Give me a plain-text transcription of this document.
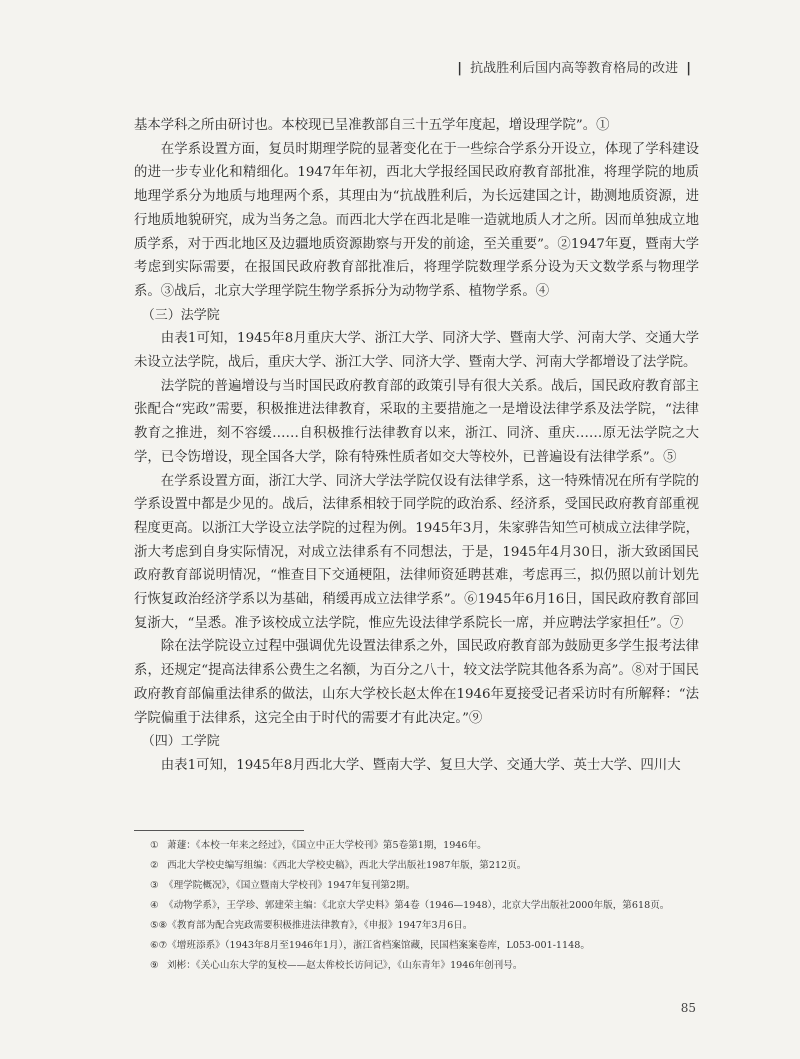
| 抗战胜利后国内高等教育格局的改进 |

基本学科之所由研讨也。本校现已呈准教部自三十五学年度起，增设理学院”。①

在学系设置方面，复员时期理学院的显著变化在于一些综合学系分开设立，体现了学科建设的进一步专业化和精细化。1947年年初，西北大学报经国民政府教育部批准，将理学院的地质地理学系分为地质与地理两个系，其理由为“抗战胜利后，为长远建国之计，勘测地质资源，进行地质地貌研究，成为当务之急。而西北大学在西北是唯一造就地质人才之所。因而单独成立地质学系，对于西北地区及边疆地质资源勘察与开发的前途，至关重要”。②1947年夏，暨南大学考虑到实际需要，在报国民政府教育部批准后，将理学院数理学系分设为天文数学系与物理学系。③战后，北京大学理学院生物学系拆分为动物学系、植物学系。④

（三）法学院

由表1可知，1945年8月重庆大学、浙江大学、同济大学、暨南大学、河南大学、交通大学未设立法学院，战后，重庆大学、浙江大学、同济大学、暨南大学、河南大学都增设了法学院。

法学院的普遍增设与当时国民政府教育部的政策引导有很大关系。战后，国民政府教育部主张配合“宪政”需要，积极推进法律教育，采取的主要措施之一是增设法律学系及法学院，“法律教育之推进，刻不容缓……自积极推行法律教育以来，浙江、同济、重庆……原无法学院之大学，已令饬增设，现全国各大学，除有特殊性质者如交大等校外，已普遍设有法律学系”。⑤

在学系设置方面，浙江大学、同济大学法学院仅设有法律学系，这一特殊情况在所有学院的学系设置中都是少见的。战后，法律系相较于同学院的政治系、经济系，受国民政府教育部重视程度更高。以浙江大学设立法学院的过程为例。1945年3月，朱家骅告知竺可桢成立法律学院，浙大考虑到自身实际情况，对成立法律系有不同想法，于是，1945年4月30日，浙大致函国民政府教育部说明情况，“惟查目下交通梗阻，法律师资延聘甚难，考虑再三，拟仍照以前计划先行恢复政治经济学系以为基础，稍缓再成立法律学系”。⑥1945年6月16日，国民政府教育部回复浙大，“呈悉。准予该校成立法学院，惟应先设法律学系院长一席，并应聘法学家担任”。⑦

除在法学院设立过程中强调优先设置法律系之外，国民政府教育部为鼓励更多学生报考法律系，还规定“提高法律系公费生之名额，为百分之八十，较文法学院其他各系为高”。⑧对于国民政府教育部偏重法律系的做法，山东大学校长赵太侔在1946年夏接受记者采访时有所解释：“法学院偏重于法律系，这完全由于时代的需要才有此决定。”⑨

（四）工学院

由表1可知，1945年8月西北大学、暨南大学、复旦大学、交通大学、英士大学、四川大

① 萧蘧：《本校一年来之经过》，《国立中正大学校刊》第5卷第1期，1946年。
② 西北大学校史编写组编：《西北大学校史稿》，西北大学出版社1987年版，第212页。
③ 《理学院概况》，《国立暨南大学校刊》1947年复刊第2期。
④ 《动物学系》，王学珍、郭建荣主编：《北京大学史料》第4卷（1946—1948），北京大学出版社2000年版，第618页。
⑤⑧《教育部为配合宪政需要积极推进法律教育》，《申报》1947年3月6日。
⑥⑦《增班添系》（1943年8月至1946年1月），浙江省档案馆藏，民国档案案卷库，L053-001-1148。
⑨ 刘彬：《关心山东大学的复校——赵太侔校长访问记》，《山东青年》1946年创刊号。
85
